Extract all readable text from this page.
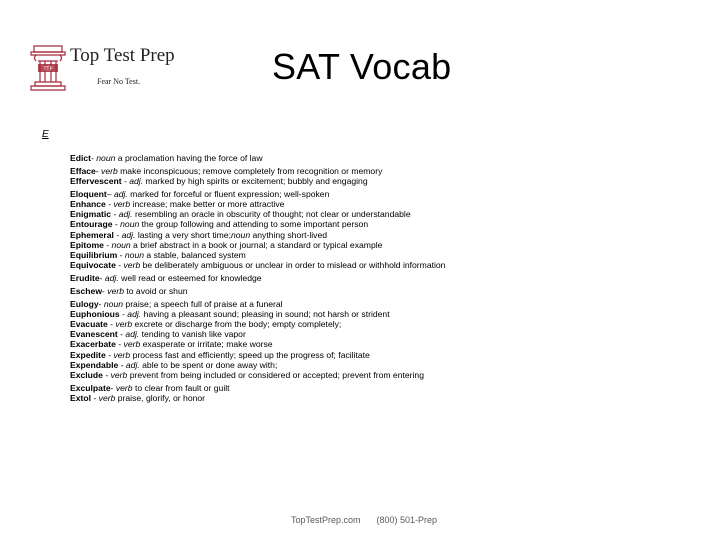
TTP
Top Test Prep
Fear No Test.	SAT Vocab
E
Edict- noun a proclamation having the force of law
Efface- verb make inconspicuous; remove completely from recognition or memory
Effervescent - adj. marked by high spirits or excitement; bubbly and engaging
Eloquent– adj. marked for forceful or fluent expression; well-spoken
Enhance - verb increase; make better or more attractive
Enigmatic - adj. resembling an oracle in obscurity of thought; not clear or understandable
Entourage - noun the group following and attending to some important person
Ephemeral - adj. lasting a very short time;noun anything short-lived
Epitome - noun a brief abstract in a book or journal; a standard or typical example
Equilibrium - noun a stable, balanced system
Equivocate - verb be deliberately ambiguous or unclear in order to mislead or withhold information
Erudite- adj. well read or esteemed for knowledge
Eschew- verb to avoid or shun
Eulogy- noun praise; a speech full of praise at a funeral
Euphonious - adj. having a pleasant sound; pleasing in sound; not harsh or strident
Evacuate - verb excrete or discharge from the body; empty completely;
Evanescent - adj. tending to vanish like vapor
Exacerbate - verb exasperate or irritate; make worse
Expedite - verb process fast and efficiently; speed up the progress of; facilitate
Expendable - adj. able to be spent or done away with;
Exclude - verb prevent from being included or considered or accepted; prevent from entering
Exculpate- verb to clear from fault or guilt
Extol - verb praise, glorify, or honor
TopTestPrep.com (800) 501-Prep
